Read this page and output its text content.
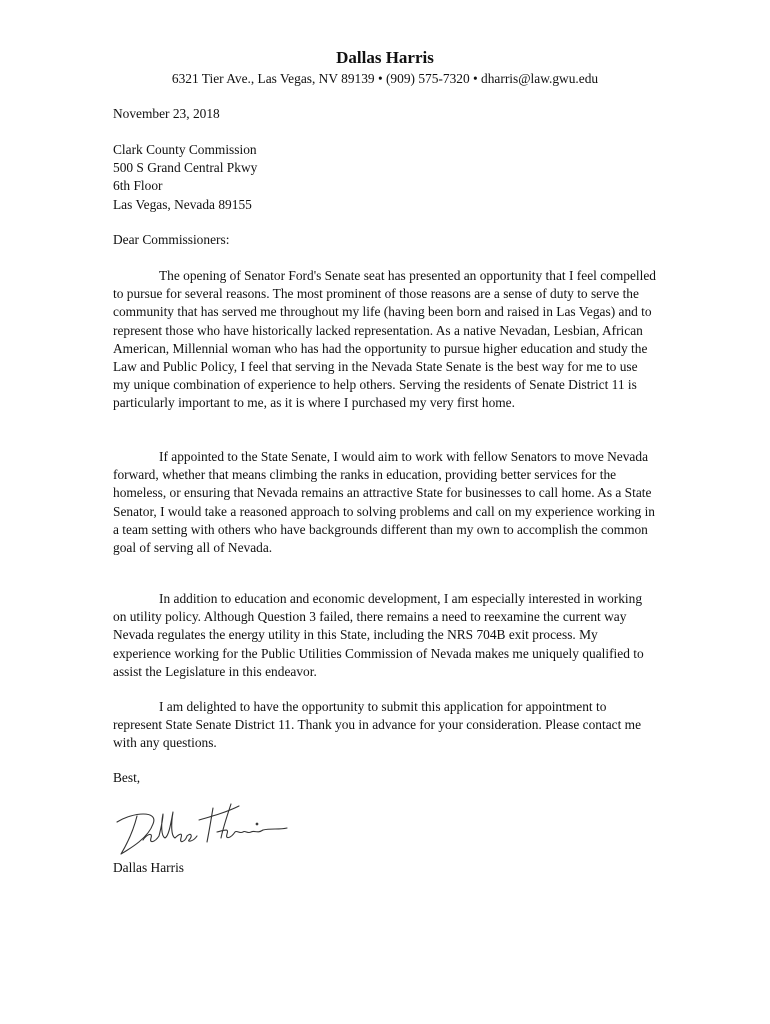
Dallas Harris
6321 Tier Ave., Las Vegas, NV 89139 • (909) 575-7320 • dharris@law.gwu.edu
November 23, 2018
Clark County Commission
500 S Grand Central Pkwy
6th Floor
Las Vegas, Nevada 89155
Dear Commissioners:

The opening of Senator Ford's Senate seat has presented an opportunity that I feel compelled to pursue for several reasons. The most prominent of those reasons are a sense of duty to serve the community that has served me throughout my life (having been born and raised in Las Vegas) and to represent those who have historically lacked representation. As a native Nevadan, Lesbian, African American, Millennial woman who has had the opportunity to pursue higher education and study the Law and Public Policy, I feel that serving in the Nevada State Senate is the best way for me to use my unique combination of experience to help others. Serving the residents of Senate District 11 is particularly important to me, as it is where I purchased my very first home.

If appointed to the State Senate, I would aim to work with fellow Senators to move Nevada forward, whether that means climbing the ranks in education, providing better services for the homeless, or ensuring that Nevada remains an attractive State for businesses to call home. As a State Senator, I would take a reasoned approach to solving problems and call on my experience working in a team setting with others who have backgrounds different than my own to accomplish the common goal of serving all of Nevada.

In addition to education and economic development, I am especially interested in working on utility policy. Although Question 3 failed, there remains a need to reexamine the current way Nevada regulates the energy utility in this State, including the NRS 704B exit process. My experience working for the Public Utilities Commission of Nevada makes me uniquely qualified to assist the Legislature in this endeavor.

I am delighted to have the opportunity to submit this application for appointment to represent State Senate District 11. Thank you in advance for your consideration. Please contact me with any questions.

Best,
Dallas Harris
